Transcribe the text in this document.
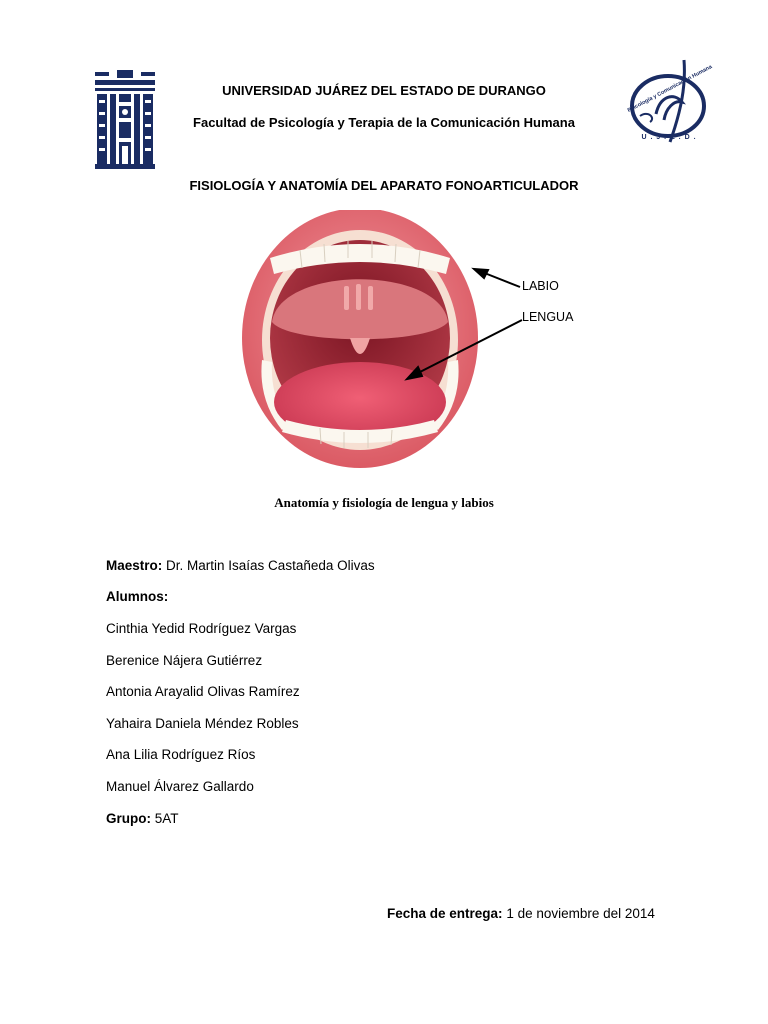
Psicología y Comunicación Humana
U . J . E . D .
UNIVERSIDAD JUÁREZ DEL ESTADO DE DURANGO
Facultad de Psicología y Terapia de la Comunicación Humana
FISIOLOGÍA Y ANATOMÍA DEL APARATO FONOARTICULADOR
LABIO
LENGUA
Anatomía y fisiología de lengua y labios
Maestro: Dr. Martin Isaías Castañeda Olivas
Alumnos:
Cinthia Yedid Rodríguez Vargas
Berenice Nájera Gutiérrez
Antonia Arayalid Olivas Ramírez
Yahaira Daniela Méndez Robles
Ana Lilia Rodríguez Ríos
Manuel Álvarez Gallardo
Grupo: 5AT
Fecha de entrega: 1 de noviembre del 2014
